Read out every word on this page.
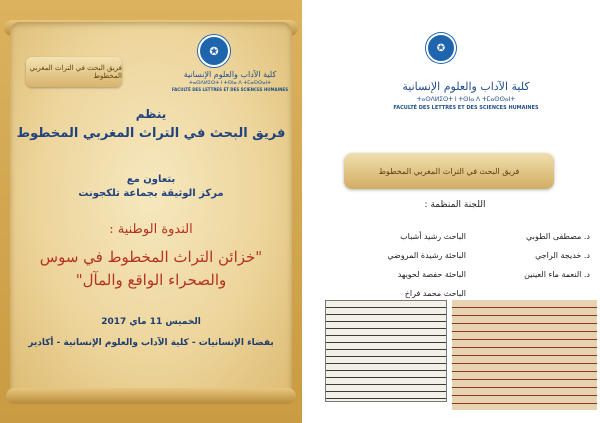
✪
كلية الآداب والعلوم الإنسانية
ⵜⴰⵙⴷⵍⵉⵙⵜ ⵏ ⵜⵙⵏⴰ ⴷ ⵜⵎⴰⵙⵙⴰⵏⵜ
FACULTÉ DES LETTRES ET DES SCIENCES HUMAINES
فريق البحث في التراث المغربي المخطوط
ينظم
فريق البحث في التراث المغربي المخطوط
بتعاون مع
مركز الوثيقة بجماعة تلكجونت
الندوة الوطنية :
"خزائن التراث المخطوط في سوس
والصحراء الواقع والمآل"
الخميس 11 ماي 2017
بفضاء الإنسانيات - كلية الآداب والعلوم الإنسانية - أكادير
✪
كلية الآداب والعلوم الإنسانية
ⵜⴰⵙⴷⵍⵉⵙⵜ ⵏ ⵜⵙⵏⴰ ⴷ ⵜⵎⴰⵙⵙⴰⵏⵜ
FACULTÉ DES LETTRES ET DES SCIENCES HUMAINES
فريق البحث في التراث المغربي المخطوط
اللجنة المنظمة :
د. مصطفى الطوبي
د. خديجة الراجي
د. النعمة ماء العينين
الباحث رشيد أشباب
الباحثة رشيدة المروضي
الباحثة حفصة لحويهد
الباحث محمد فراخ
